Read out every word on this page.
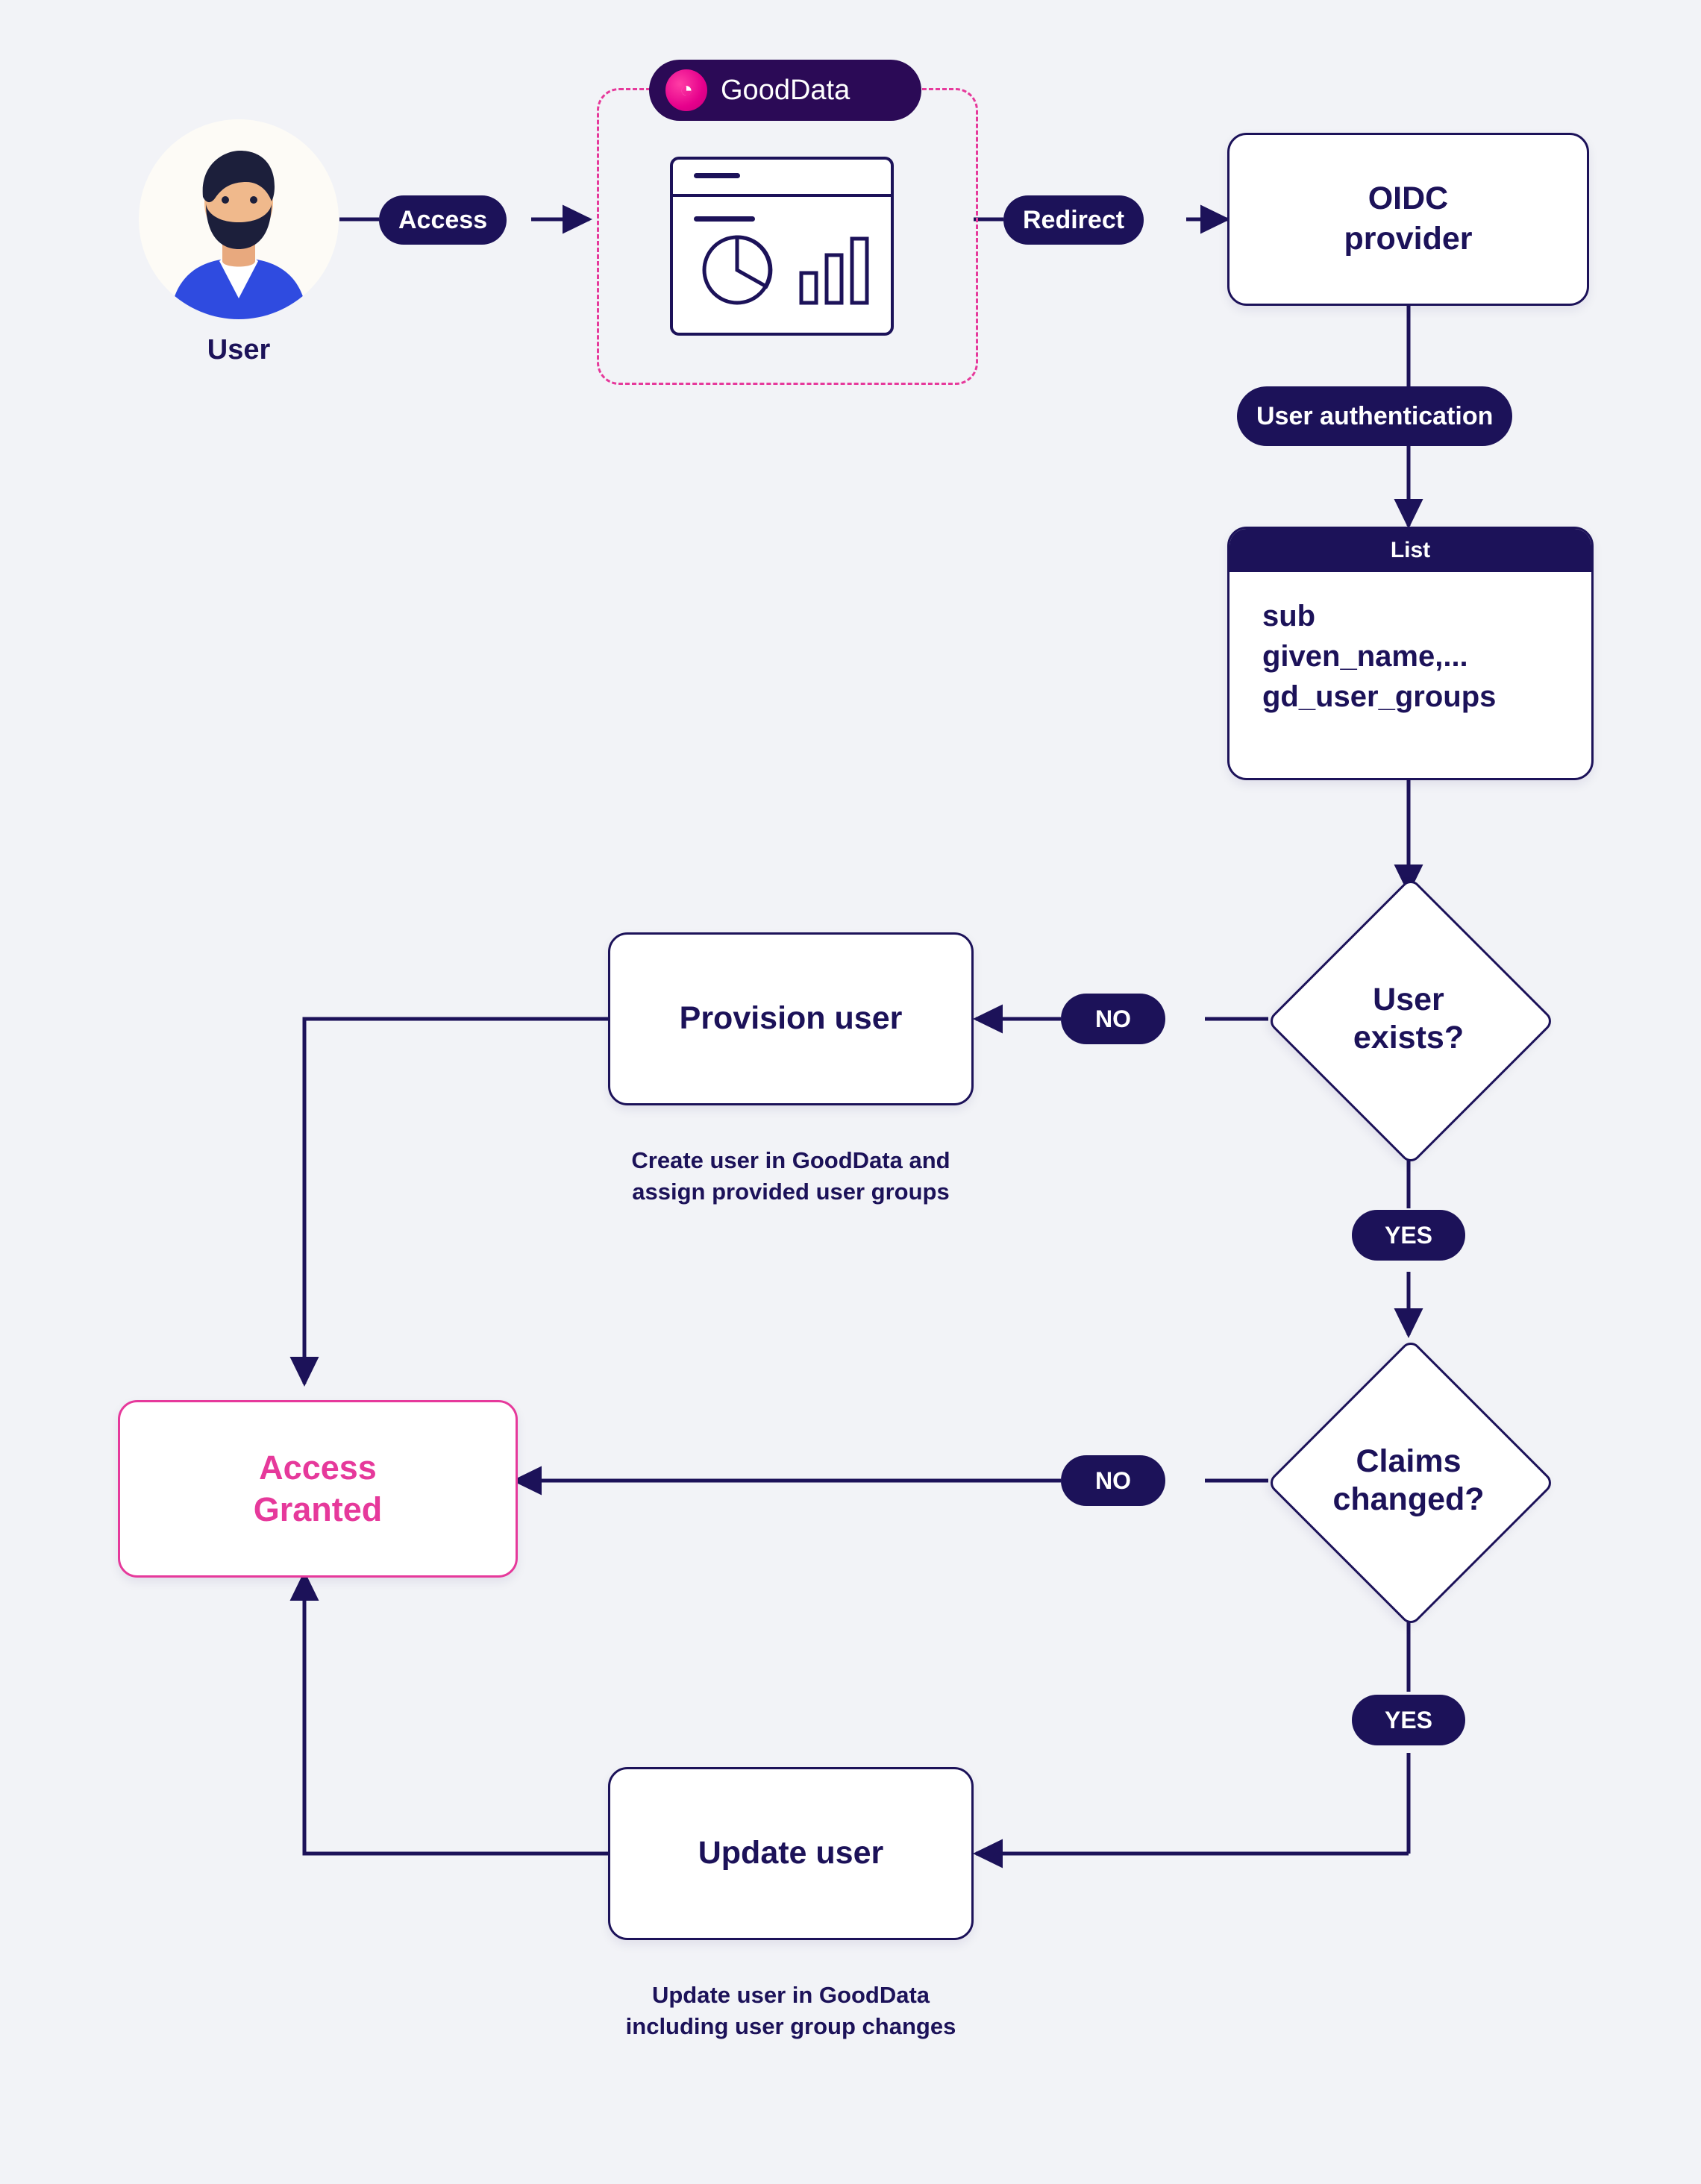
User
Access
◔ GoodData
Redirect
OIDC
provider
User authentication
List
sub
given_name,...
gd_user_groups
User
exists?
NO
YES
Provision user
Create user in GoodData and
assign provided user groups
Claims
changed?
NO
YES
Access
Granted
Update user
Update user in GoodData
including user group changes
